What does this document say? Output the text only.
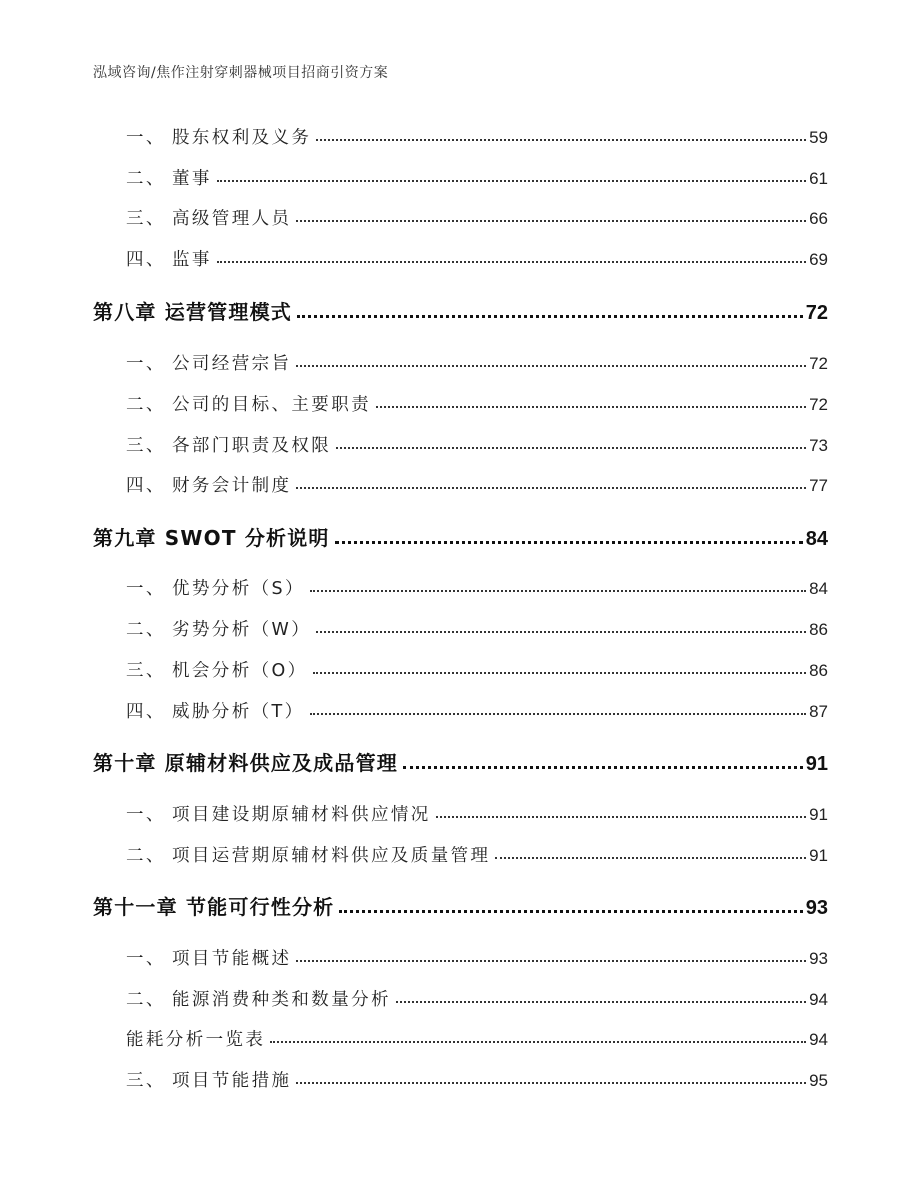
泓域咨询/焦作注射穿刺器械项目招商引资方案
一、 股东权利及义务	59
二、 董事	61
三、 高级管理人员	66
四、 监事	69
第八章 运营管理模式	72
一、 公司经营宗旨	72
二、 公司的目标、主要职责	72
三、 各部门职责及权限	73
四、 财务会计制度	77
第九章 SWOT 分析说明	84
一、 优势分析（S）	84
二、 劣势分析（W）	86
三、 机会分析（O）	86
四、 威胁分析（T）	87
第十章 原辅材料供应及成品管理	91
一、 项目建设期原辅材料供应情况	91
二、 项目运营期原辅材料供应及质量管理	91
第十一章 节能可行性分析	93
一、 项目节能概述	93
二、 能源消费种类和数量分析	94
能耗分析一览表	94
三、 项目节能措施	95
